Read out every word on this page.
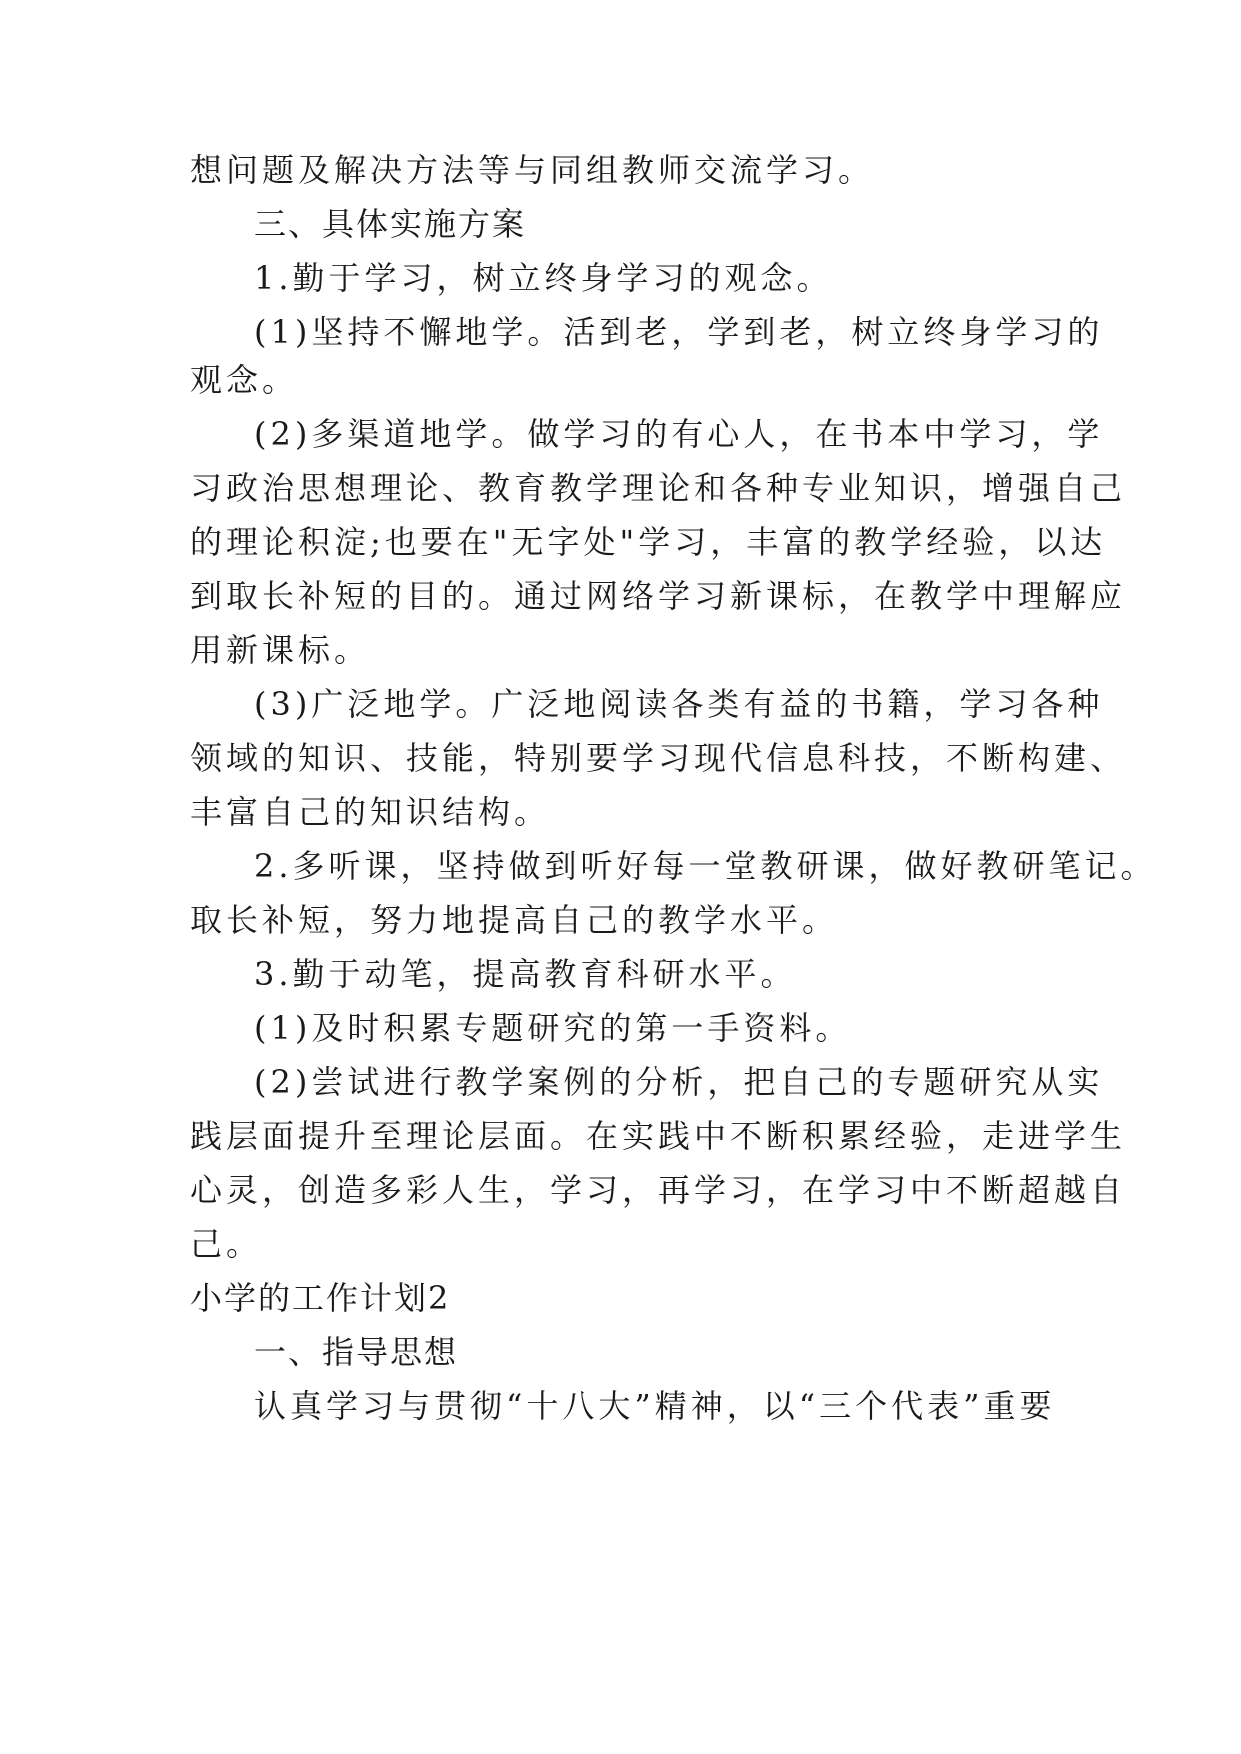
想问题及解决方法等与同组教师交流学习。
三、具体实施方案
1.勤于学习，树立终身学习的观念。
(1)坚持不懈地学。活到老，学到老，树立终身学习的
观念。
(2)多渠道地学。做学习的有心人，在书本中学习，学
习政治思想理论、教育教学理论和各种专业知识，增强自己
的理论积淀;也要在"无字处"学习，丰富的教学经验，以达
到取长补短的目的。通过网络学习新课标，在教学中理解应
用新课标。
(3)广泛地学。广泛地阅读各类有益的书籍，学习各种
领域的知识、技能，特别要学习现代信息科技，不断构建、
丰富自己的知识结构。
2.多听课，坚持做到听好每一堂教研课，做好教研笔记。
取长补短，努力地提高自己的教学水平。
3.勤于动笔，提高教育科研水平。
(1)及时积累专题研究的第一手资料。
(2)尝试进行教学案例的分析，把自己的专题研究从实
践层面提升至理论层面。在实践中不断积累经验，走进学生
心灵，创造多彩人生，学习，再学习，在学习中不断超越自
己。
小学的工作计划2
一、指导思想
认真学习与贯彻“十八大”精神，以“三个代表”重要
